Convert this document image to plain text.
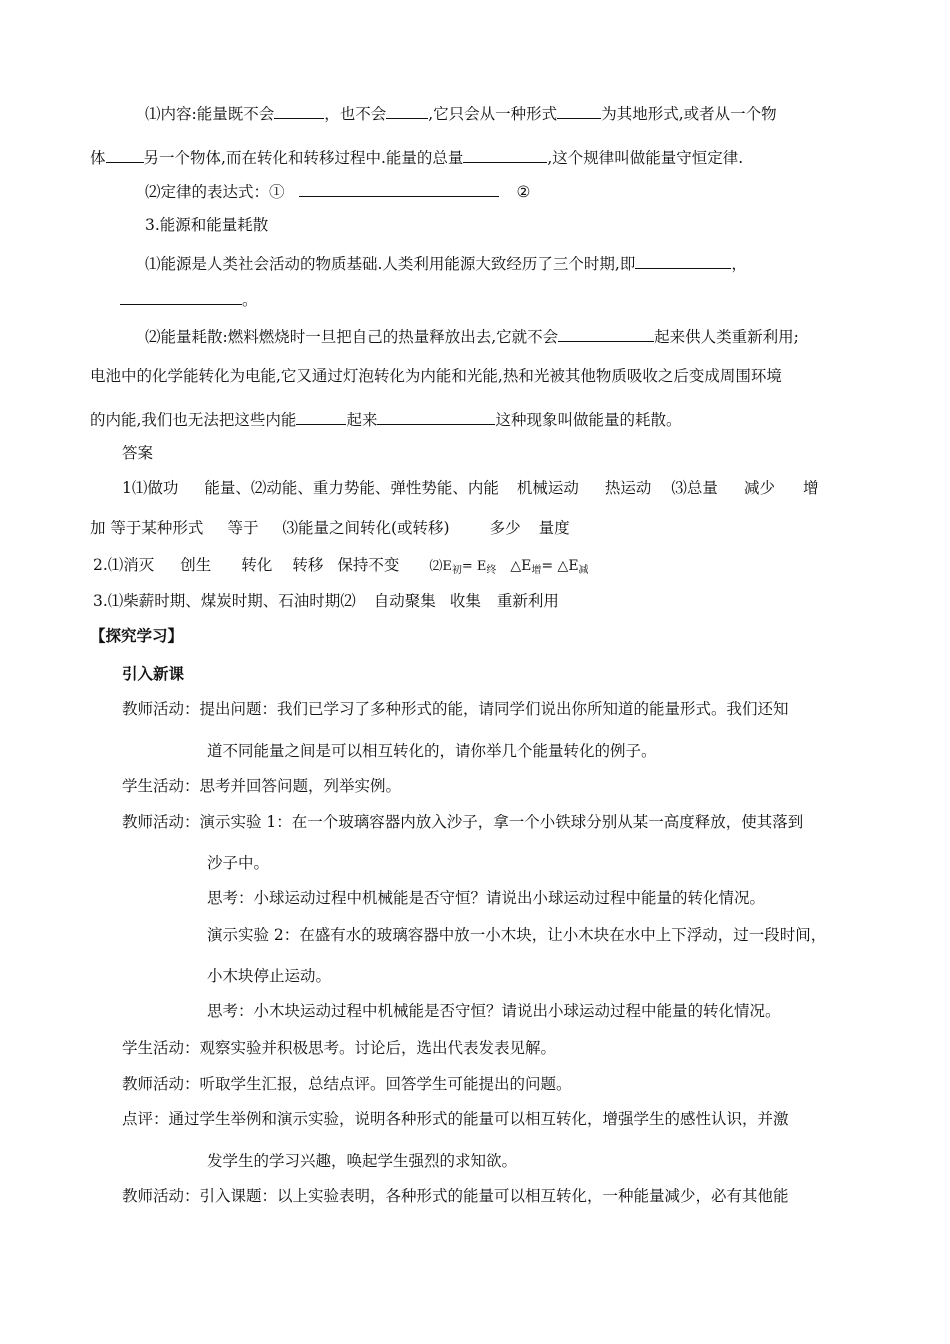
⑴内容:能量既不会	，也不会	,它只会从一种形式	为其地形式,或者从一个物
体 另一个物体,而在转化和转移过程中.能量的总量	,这个规律叫做能量守恒定律.
⑵定律的表达式：①	②
3.能源和能量耗散
⑴能源是人类社会活动的物质基础.人类利用能源大致经历了三个时期,即	，
。
⑵能量耗散:燃料燃烧时一旦把自己的热量释放出去,它就不会	起来供人类重新利用;
电池中的化学能转化为电能,它又通过灯泡转化为内能和光能,热和光被其他物质吸收之后变成周围环境
的内能,我们也无法把这些内能	起来	这种现象叫做能量的耗散。
答案
1⑴做功 能量、⑵动能、重力势能、弹性势能、内能 机械运动 热运动 ⑶总量 减少 增
加 等于某种形式 等于 ⑶能量之间转化(或转移)	多少 量度
2.⑴消灭 创生 转化 转移 保持不变 $⑵E_初= E_终$ $\triangle E_增=$ $\triangle E_减$
3.⑴柴薪时期、煤炭时期、石油时期⑵ 自动聚集 收集 重新利用
【探究学习】
引入新课
教师活动：提出问题：我们已学习了多种形式的能，请同学们说出你所知道的能量形式。我们还知
道不同能量之间是可以相互转化的，请你举几个能量转化的例子。
学生活动：思考并回答问题，列举实例。
教师活动：演示实验 1：在一个玻璃容器内放入沙子，拿一个小铁球分别从某一高度释放，使其落到
沙子中。
思考：小球运动过程中机械能是否守恒？请说出小球运动过程中能量的转化情况。
演示实验 2：在盛有水的玻璃容器中放一小木块，让小木块在水中上下浮动，过一段时间，
小木块停止运动。
思考：小木块运动过程中机械能是否守恒？请说出小球运动过程中能量的转化情况。
学生活动：观察实验并积极思考。讨论后，选出代表发表见解。
教师活动：听取学生汇报，总结点评。回答学生可能提出的问题。
点评：通过学生举例和演示实验，说明各种形式的能量可以相互转化，增强学生的感性认识，并激
发学生的学习兴趣，唤起学生强烈的求知欲。
教师活动：引入课题：以上实验表明，各种形式的能量可以相互转化，一种能量减少，必有其他能
